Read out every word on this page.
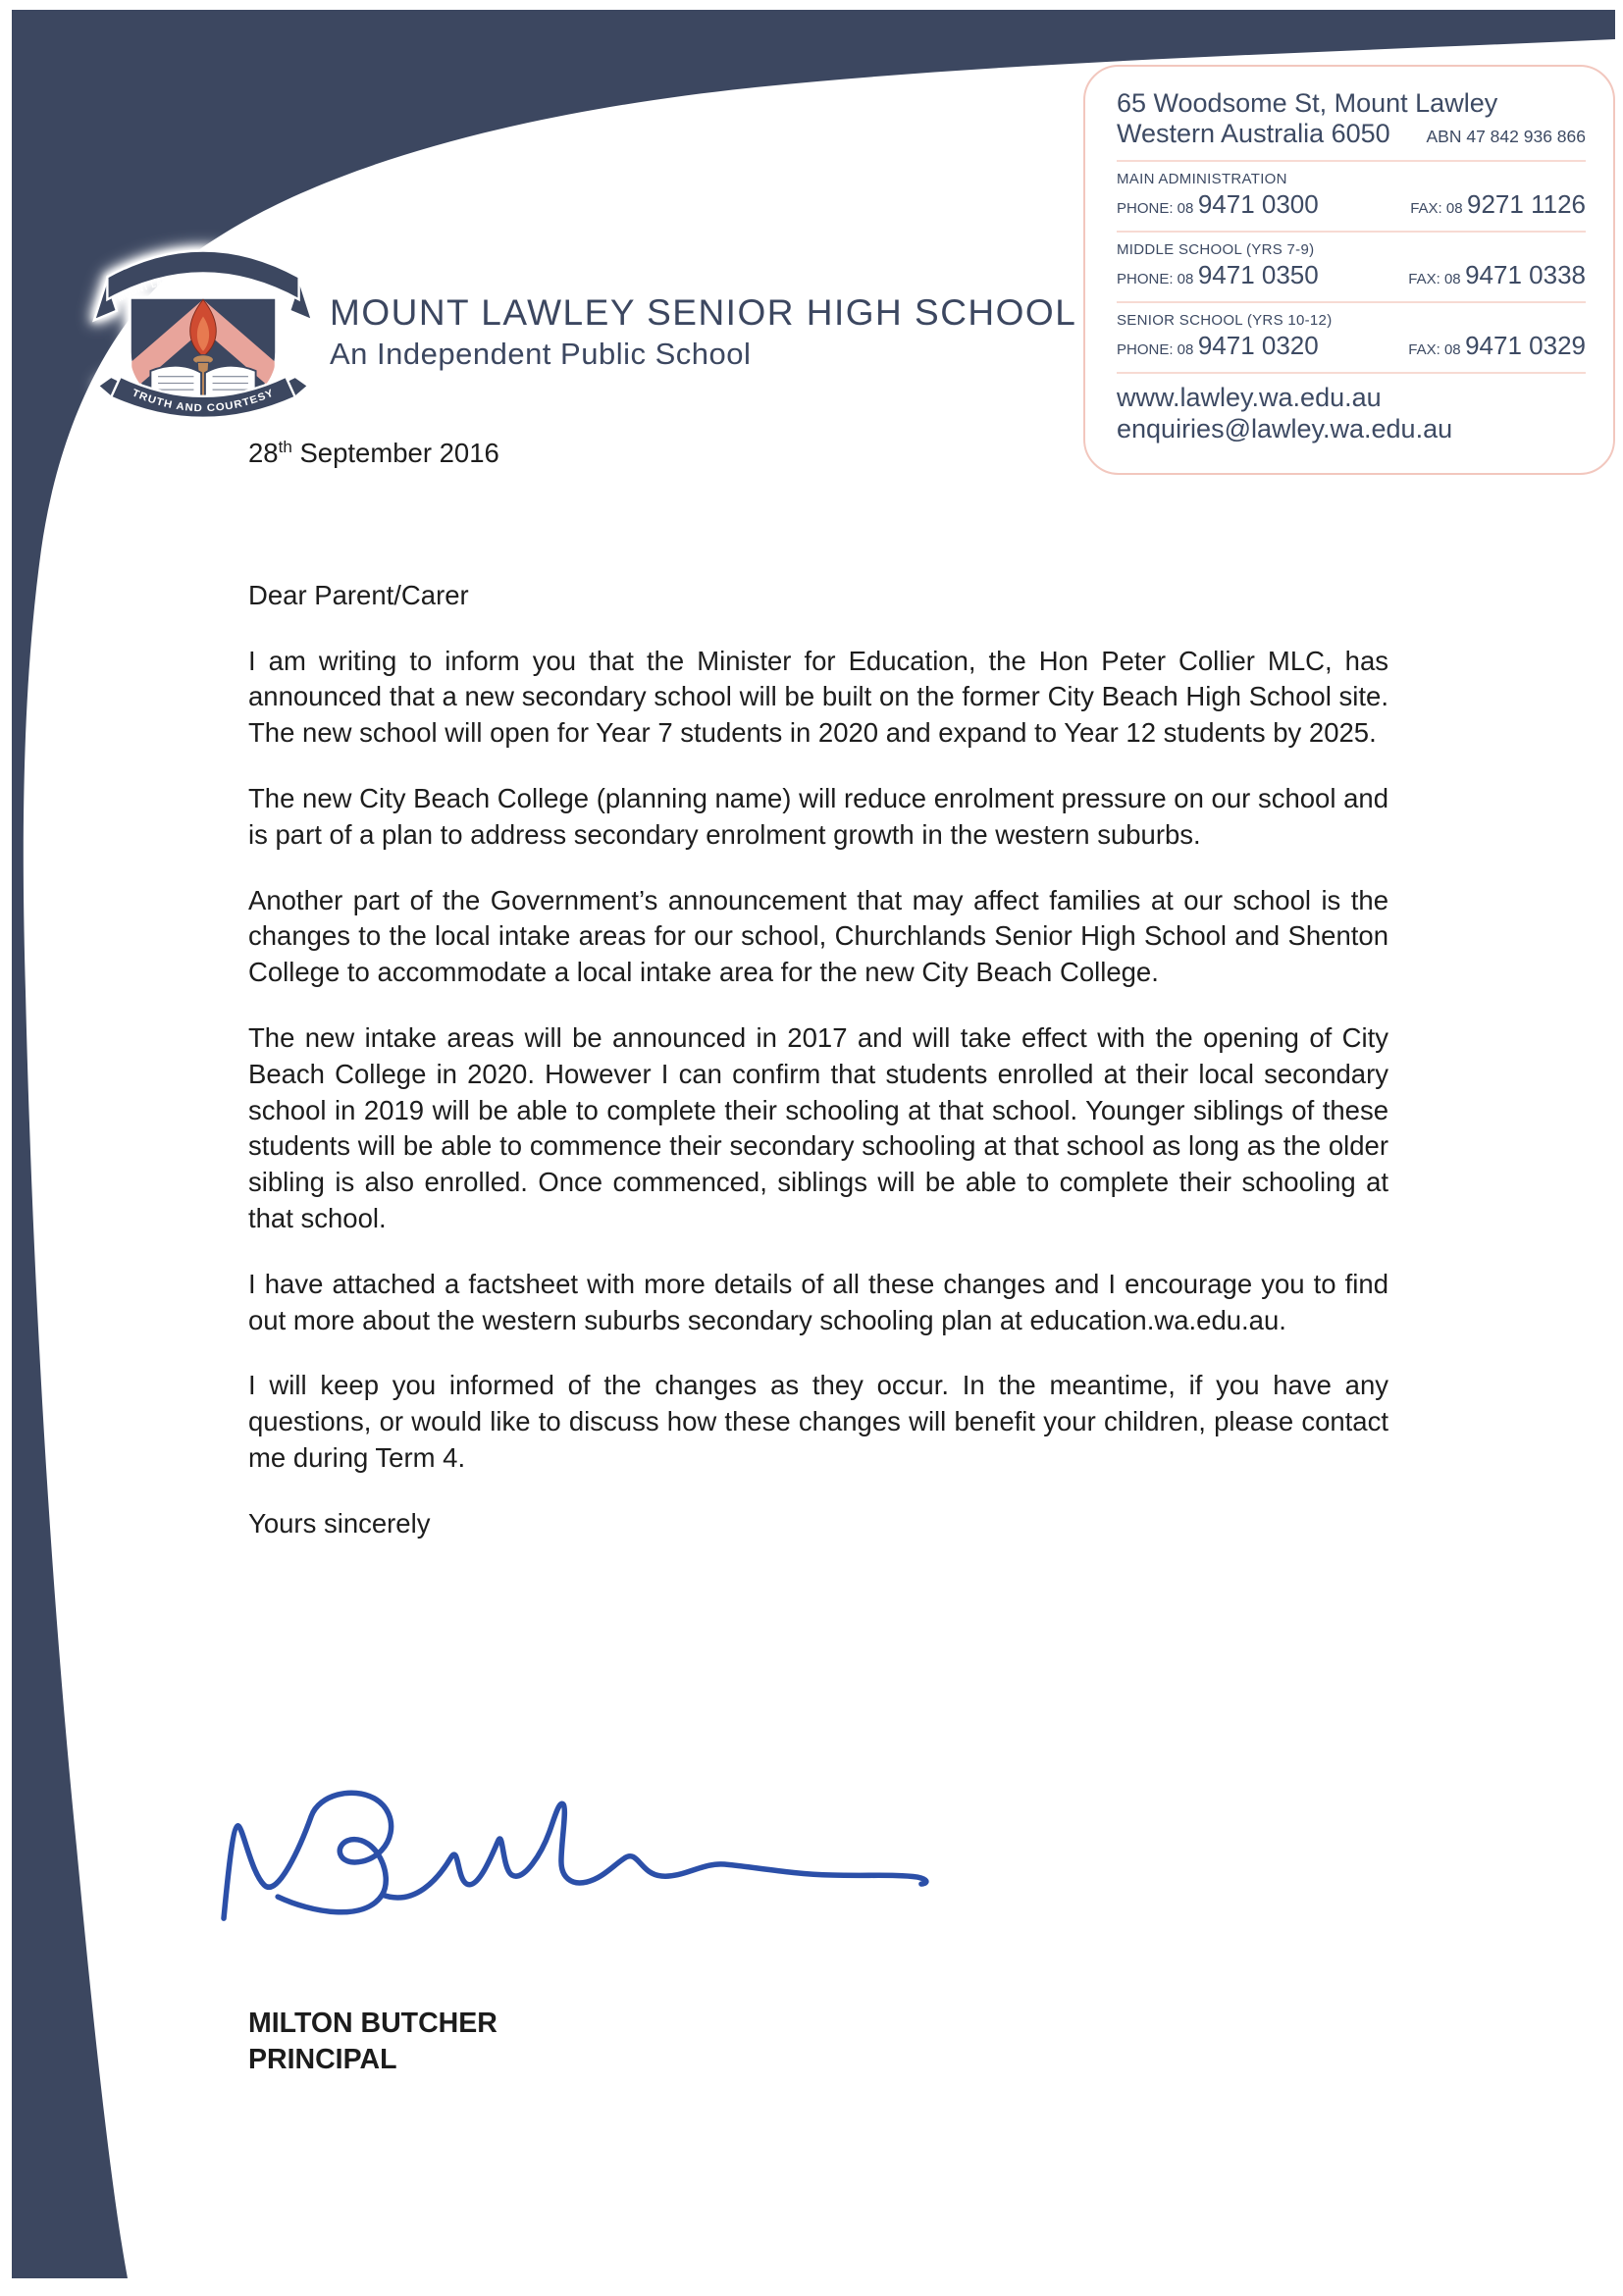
MOUNT LAWLEY SENIOR HIGH SCHOOL
TRUTH AND COURTESY
MOUNT LAWLEY SENIOR HIGH SCHOOL
An Independent Public School
65 Woodsome St, Mount Lawley
Western Australia 6050 ABN 47 842 936 866
MAIN ADMINISTRATION
PHONE: 08 9471 0300	FAX: 08 9271 1126
MIDDLE SCHOOL (YRS 7-9)
PHONE: 08 9471 0350	FAX: 08 9471 0338
SENIOR SCHOOL (YRS 10-12)
PHONE: 08 9471 0320	FAX: 08 9471 0329
www.lawley.wa.edu.au
enquiries@lawley.wa.edu.au
28th September 2016
Dear Parent/Carer

I am writing to inform you that the Minister for Education, the Hon Peter Collier MLC, has announced that a new secondary school will be built on the former City Beach High School site. The new school will open for Year 7 students in 2020 and expand to Year 12 students by 2025.

The new City Beach College (planning name) will reduce enrolment pressure on our school and is part of a plan to address secondary enrolment growth in the western suburbs.

Another part of the Government’s announcement that may affect families at our school is the changes to the local intake areas for our school, Churchlands Senior High School and Shenton College to accommodate a local intake area for the new City Beach College.

The new intake areas will be announced in 2017 and will take effect with the opening of City Beach College in 2020. However I can confirm that students enrolled at their local secondary school in 2019 will be able to complete their schooling at that school. Younger siblings of these students will be able to commence their secondary schooling at that school as long as the older sibling is also enrolled. Once commenced, siblings will be able to complete their schooling at that school.

I have attached a factsheet with more details of all these changes and I encourage you to find out more about the western suburbs secondary schooling plan at education.wa.edu.au.

I will keep you informed of the changes as they occur. In the meantime, if you have any questions, or would like to discuss how these changes will benefit your children, please contact me during Term 4.

Yours sincerely
MILTON BUTCHER
PRINCIPAL
